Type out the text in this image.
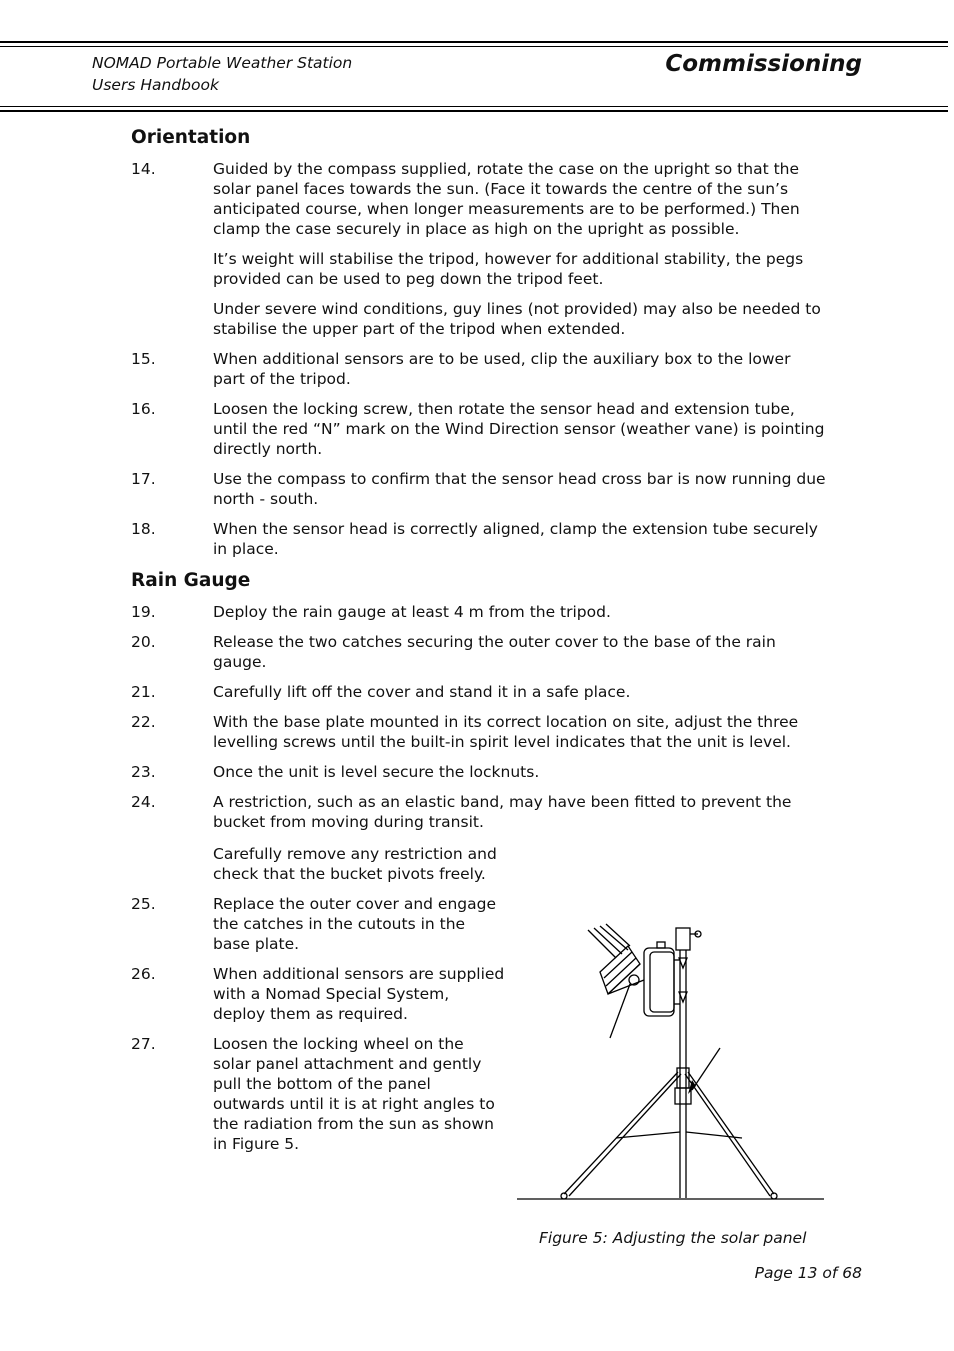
NOMAD Portable Weather Station
Users Handbook
Commissioning
Orientation
14.	Guided by the compass supplied, rotate the case on the upright so that the solar panel faces towards the sun. (Face it towards the centre of the sun’s anticipated course, when longer measurements are to be performed.) Then clamp the case securely in place as high on the upright as possible.

It’s weight will stabilise the tripod, however for additional stability, the pegs provided can be used to peg down the tripod feet.

Under severe wind conditions, guy lines (not provided) may also be needed to stabilise the upper part of the tripod when extended.

15.	When additional sensors are to be used, clip the auxiliary box to the lower part of the tripod.

16.	Loosen the locking screw, then rotate the sensor head and extension tube, until the red “N” mark on the Wind Direction sensor (weather vane) is pointing directly north.

17.	Use the compass to confirm that the sensor head cross bar is now running due north - south.

18.	When the sensor head is correctly aligned, clamp the extension tube securely in place.

Rain Gauge
19.	Deploy the rain gauge at least 4 m from the tripod.

20.	Release the two catches securing the outer cover to the base of the rain gauge.

21.	Carefully lift off the cover and stand it in a safe place.

22.	With the base plate mounted in its correct location on site, adjust the three levelling screws until the built-in spirit level indicates that the unit is level.

23.	Once the unit is level secure the locknuts.

24.	A restriction, such as an elastic band, may have been fitted to prevent the bucket from moving during transit.

Carefully remove any restriction and check that the bucket pivots freely.

25.	Replace the outer cover and engage the catches in the cutouts in the base plate.

26.	When additional sensors are supplied with a Nomad Special System, deploy them as required.

27.	Loosen the locking wheel on the solar panel attachment and gently pull the bottom of the panel outwards until it is at right angles to the radiation from the sun as shown in Figure 5.

Figure 5: Adjusting the solar panel
Page 13 of 68
